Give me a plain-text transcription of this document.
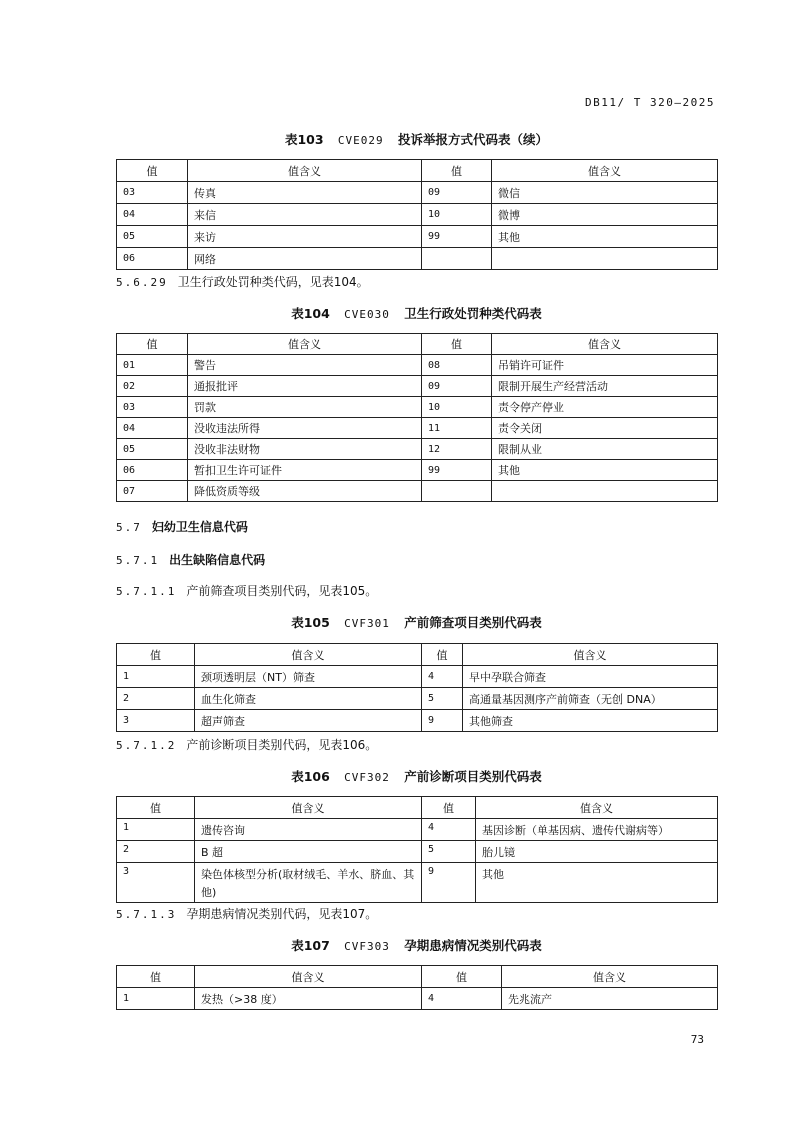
DB11/ T 320—2025
表103 CVE029 投诉举报方式代码表（续）
值	值含义	值	值含义
03	传真	09	微信
04	来信	10	微博
05	来访	99	其他
06	网络		
5.6.29 卫生行政处罚种类代码，见表104。
表104 CVE030 卫生行政处罚种类代码表
值	值含义	值	值含义
01	警告	08	吊销许可证件
02	通报批评	09	限制开展生产经营活动
03	罚款	10	责令停产停业
04	没收违法所得	11	责令关闭
05	没收非法财物	12	限制从业
06	暂扣卫生许可证件	99	其他
07	降低资质等级		
5.7 妇幼卫生信息代码
5.7.1 出生缺陷信息代码
5.7.1.1 产前筛查项目类别代码，见表105。
表105 CVF301 产前筛查项目类别代码表
值	值含义	值	值含义
1	颈项透明层（NT）筛查	4	早中孕联合筛查
2	血生化筛查	5	高通量基因测序产前筛查（无创 DNA）
3	超声筛查	9	其他筛查
5.7.1.2 产前诊断项目类别代码，见表106。
表106 CVF302 产前诊断项目类别代码表
值	值含义	值	值含义
1	遗传咨询	4	基因诊断（单基因病、遗传代谢病等）
2	B 超	5	胎儿镜
3	染色体核型分析(取材绒毛、羊水、脐血、其他)	9	其他
5.7.1.3 孕期患病情况类别代码，见表107。
表107 CVF303 孕期患病情况类别代码表
值	值含义	值	值含义
1	发热（>38 度）	4	先兆流产
73
